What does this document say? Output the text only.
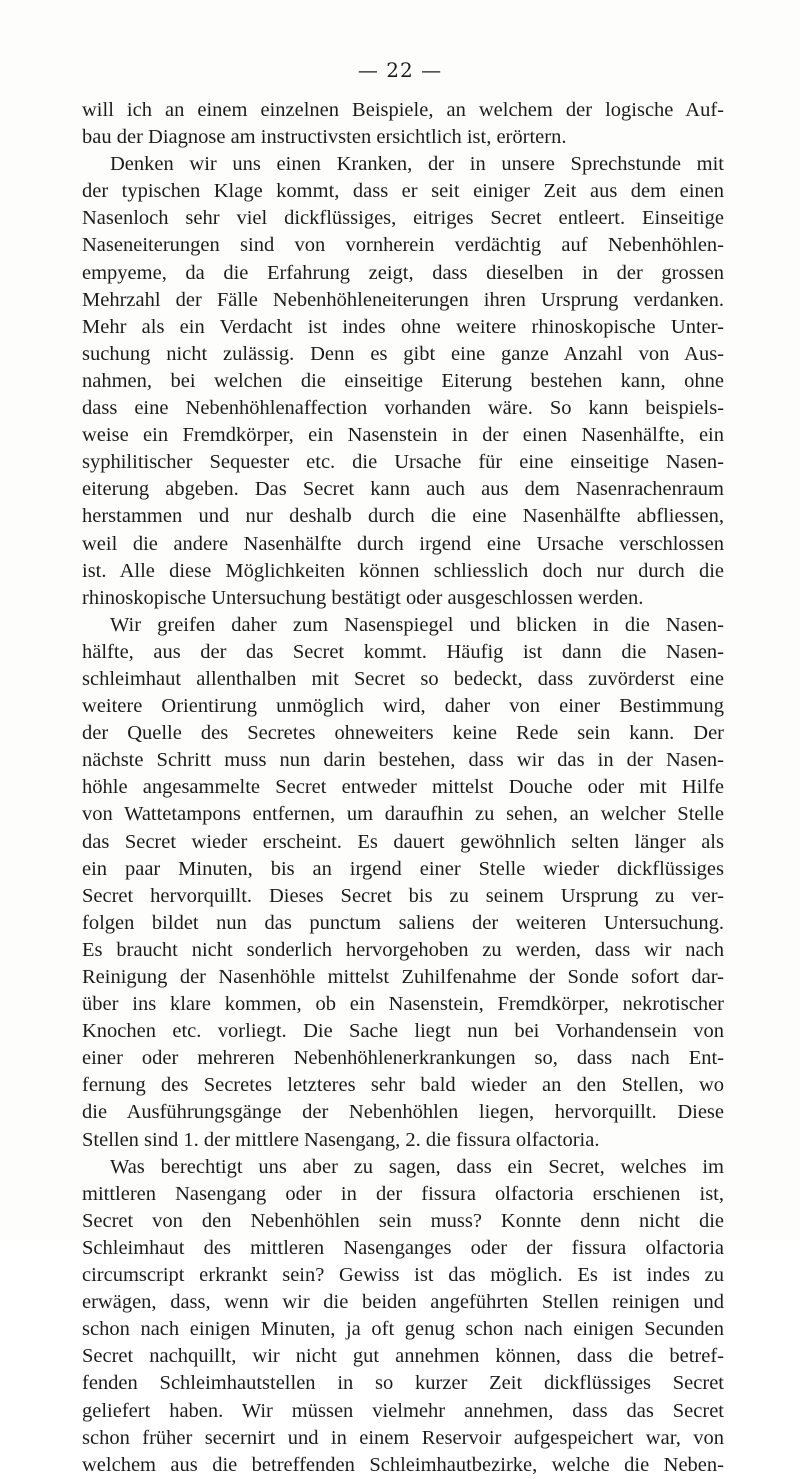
— 22 —
will ich an einem einzelnen Beispiele, an welchem der logische Auf-
bau der Diagnose am instructivsten ersichtlich ist, erörtern.
Denken wir uns einen Kranken, der in unsere Sprechstunde mit
der typischen Klage kommt, dass er seit einiger Zeit aus dem einen
Nasenloch sehr viel dickflüssiges, eitriges Secret entleert. Einseitige
Naseneiterungen sind von vornherein verdächtig auf Nebenhöhlen-
empyeme, da die Erfahrung zeigt, dass dieselben in der grossen
Mehrzahl der Fälle Nebenhöhleneiterungen ihren Ursprung verdanken.
Mehr als ein Verdacht ist indes ohne weitere rhinoskopische Unter-
suchung nicht zulässig. Denn es gibt eine ganze Anzahl von Aus-
nahmen, bei welchen die einseitige Eiterung bestehen kann, ohne
dass eine Nebenhöhlenaffection vorhanden wäre. So kann beispiels-
weise ein Fremdkörper, ein Nasenstein in der einen Nasenhälfte, ein
syphilitischer Sequester etc. die Ursache für eine einseitige Nasen-
eiterung abgeben. Das Secret kann auch aus dem Nasenrachenraum
herstammen und nur deshalb durch die eine Nasenhälfte abfliessen,
weil die andere Nasenhälfte durch irgend eine Ursache verschlossen
ist. Alle diese Möglichkeiten können schliesslich doch nur durch die
rhinoskopische Untersuchung bestätigt oder ausgeschlossen werden.
Wir greifen daher zum Nasenspiegel und blicken in die Nasen-
hälfte, aus der das Secret kommt. Häufig ist dann die Nasen-
schleimhaut allenthalben mit Secret so bedeckt, dass zuvörderst eine
weitere Orientirung unmöglich wird, daher von einer Bestimmung
der Quelle des Secretes ohneweiters keine Rede sein kann. Der
nächste Schritt muss nun darin bestehen, dass wir das in der Nasen-
höhle angesammelte Secret entweder mittelst Douche oder mit Hilfe
von Wattetampons entfernen, um daraufhin zu sehen, an welcher Stelle
das Secret wieder erscheint. Es dauert gewöhnlich selten länger als
ein paar Minuten, bis an irgend einer Stelle wieder dickflüssiges
Secret hervorquillt. Dieses Secret bis zu seinem Ursprung zu ver-
folgen bildet nun das punctum saliens der weiteren Untersuchung.
Es braucht nicht sonderlich hervorgehoben zu werden, dass wir nach
Reinigung der Nasenhöhle mittelst Zuhilfenahme der Sonde sofort dar-
über ins klare kommen, ob ein Nasenstein, Fremdkörper, nekrotischer
Knochen etc. vorliegt. Die Sache liegt nun bei Vorhandensein von
einer oder mehreren Nebenhöhlenerkrankungen so, dass nach Ent-
fernung des Secretes letzteres sehr bald wieder an den Stellen, wo
die Ausführungsgänge der Nebenhöhlen liegen, hervorquillt. Diese
Stellen sind 1. der mittlere Nasengang, 2. die fissura olfactoria.
Was berechtigt uns aber zu sagen, dass ein Secret, welches im
mittleren Nasengang oder in der fissura olfactoria erschienen ist,
Secret von den Nebenhöhlen sein muss? Konnte denn nicht die
Schleimhaut des mittleren Nasenganges oder der fissura olfactoria
circumscript erkrankt sein? Gewiss ist das möglich. Es ist indes zu
erwägen, dass, wenn wir die beiden angeführten Stellen reinigen und
schon nach einigen Minuten, ja oft genug schon nach einigen Secunden
Secret nachquillt, wir nicht gut annehmen können, dass die betref-
fenden Schleimhautstellen in so kurzer Zeit dickflüssiges Secret
geliefert haben. Wir müssen vielmehr annehmen, dass das Secret
schon früher secernirt und in einem Reservoir aufgespeichert war, von
welchem aus die betreffenden Schleimhautbezirke, welche die Neben-
